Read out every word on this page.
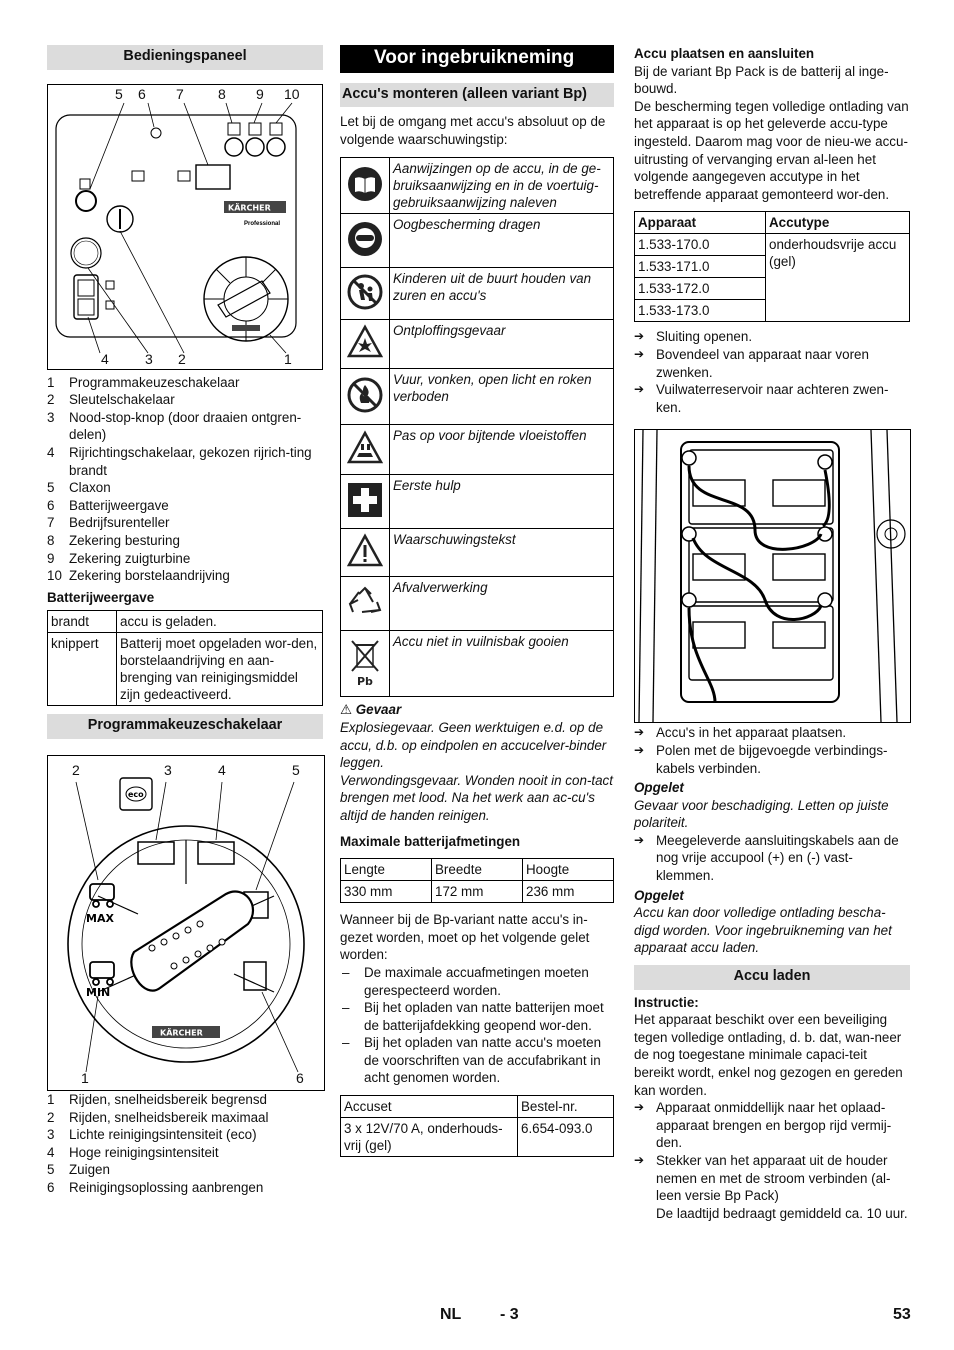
Bedieningspaneel
KÄRCHER
Professional
5 6 7 8 9 10
4	3 2	1
1	Programmakeuzeschakelaar
2	Sleutelschakelaar
3	Nood-stop-knop (door draaien ontgren-delen)
4	Rijrichtingschakelaar, gekozen rijrich-ting brandt
5	Claxon
6	Batterijweergave
7	Bedrijfsurenteller
8	Zekering besturing
9	Zekering zuigturbine
10 Zekering borstelaandrijving
Batterijweergave
brandt	accu is geladen.
knippert	Batterij moet opgeladen wor-den, borstelaandrijving en aan-brenging van reinigingsmiddel zijn gedeactiveerd.
Programmakeuzeschakelaar
eco
MAX
MIN
KÄRCHER
2	3	4	5
1	6
1	Rijden, snelheidsbereik begrensd
2	Rijden, snelheidsbereik maximaal
3	Lichte reinigingsintensiteit (eco)
4	Hoge reinigingsintensiteit
5	Zuigen
6	Reinigingsoplossing aanbrengen
Voor ingebruikneming
Accu's monteren (alleen variant Bp)

Let bij de omgang met accu's absoluut op de volgende waarschuwingstip:

	Aanwijzingen op de accu, in de ge-bruiksaanwijzing en in de voertuig-gebruiksaanwijzing naleven
	Oogbescherming dragen
	Kinderen uit de buurt houden van zuren en accu's
	Ontploffingsgevaar
	Vuur, vonken, open licht en roken verboden
	Pas op voor bijtende vloeistoffen
	Eerste hulp
	Waarschuwingstekst
	Afvalverwerking

Pb	Accu niet in vuilnisbak gooien

⚠ Gevaar

Explosiegevaar. Geen werktuigen e.d. op de accu, d.b. op eindpolen en accucelver-binder leggen.

Verwondingsgevaar. Wonden nooit in con-tact brengen met lood. Na het werk aan ac-cu's altijd de handen reinigen.

Maximale batterijafmetingen
Lengte	Breedte	Hoogte
330 mm	172 mm	236 mm

Wanneer bij de Bp-variant natte accu's in-gezet worden, moet op het volgende gelet worden:

–	De maximale accuafmetingen moeten gerespecteerd worden.
–	Bij het opladen van natte batterijen moet de batterijafdekking geopend wor-den.
–	Bij het opladen van natte accu's moeten de voorschriften van de accufabrikant in acht genomen worden.
Accuset	Bestel-nr.
3 x 12V/70 A, onderhouds-vrij (gel)	6.654-093.0
Accu plaatsen en aansluiten

Bij de variant Bp Pack is de batterij al inge-bouwd.

De bescherming tegen volledige ontlading van het apparaat is op het geleverde accu-type ingesteld. Daarom mag voor de nieu-we accu-uitrusting of vervanging ervan al-leen het volgende aangegeven accutype in het betreffende apparaat gemonteerd wor-den.

Apparaat	Accutype
1.533-170.0	onderhoudsvrije accu (gel)
1.533-171.0	
1.533-172.0	
1.533-173.0	
➔ Sluiting openen.
➔ Bovendeel van apparaat naar voren zwenken.
➔ Vuilwaterreservoir naar achteren zwen-ken.
➔ Accu's in het apparaat plaatsen.
➔ Polen met de bijgevoegde verbindings-kabels verbinden.

Opgelet

Gevaar voor beschadiging. Letten op juiste polariteit.

➔ Meegeleverde aansluitingskabels aan de nog vrije accupool (+) en (-) vast-klemmen.

Opgelet

Accu kan door volledige ontlading bescha-digd worden. Voor ingebruikneming van het apparaat accu laden.

Accu laden

Instructie:

Het apparaat beschikt over een beveiliging tegen volledige ontlading, d. b. dat, wan-neer de nog toegestane minimale capaci-teit bereikt wordt, enkel nog gezogen en gereden kan worden.

➔ Apparaat onmiddellijk naar het oplaad-apparaat brengen en bergop rijd vermij-den.
➔ Stekker van het apparaat uit de houder nemen en met de stroom verbinden (al-leen versie Bp Pack)

De laadtijd bedraagt gemiddeld ca. 10 uur.

NL - 3	53
